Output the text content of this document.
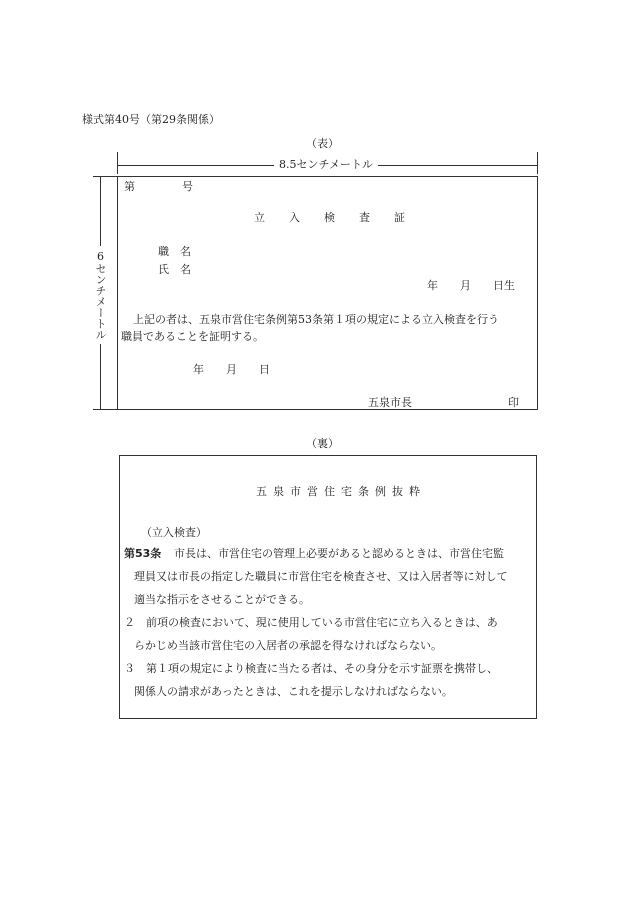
様式第40号（第29条関係）
（表）
8.5センチメートル
6センチメートル
第	号
立入検査証
職　名
氏　名
年　　月　　日生
上記の者は、五泉市営住宅条例第53条第１項の規定による立入検査を行う
職員であることを証明する。
年　　月　　日
五泉市長	印
（裏）
五泉市営住宅条例抜粋
（立入検査）
第53条 市長は、市営住宅の管理上必要があると認めるときは、市営住宅監
理員又は市長の指定した職員に市営住宅を検査させ、又は入居者等に対して
適当な指示をさせることができる。
２　前項の検査において、現に使用している市営住宅に立ち入るときは、あ
らかじめ当該市営住宅の入居者の承認を得なければならない。
３　第１項の規定により検査に当たる者は、その身分を示す証票を携帯し、
関係人の請求があったときは、これを提示しなければならない。
